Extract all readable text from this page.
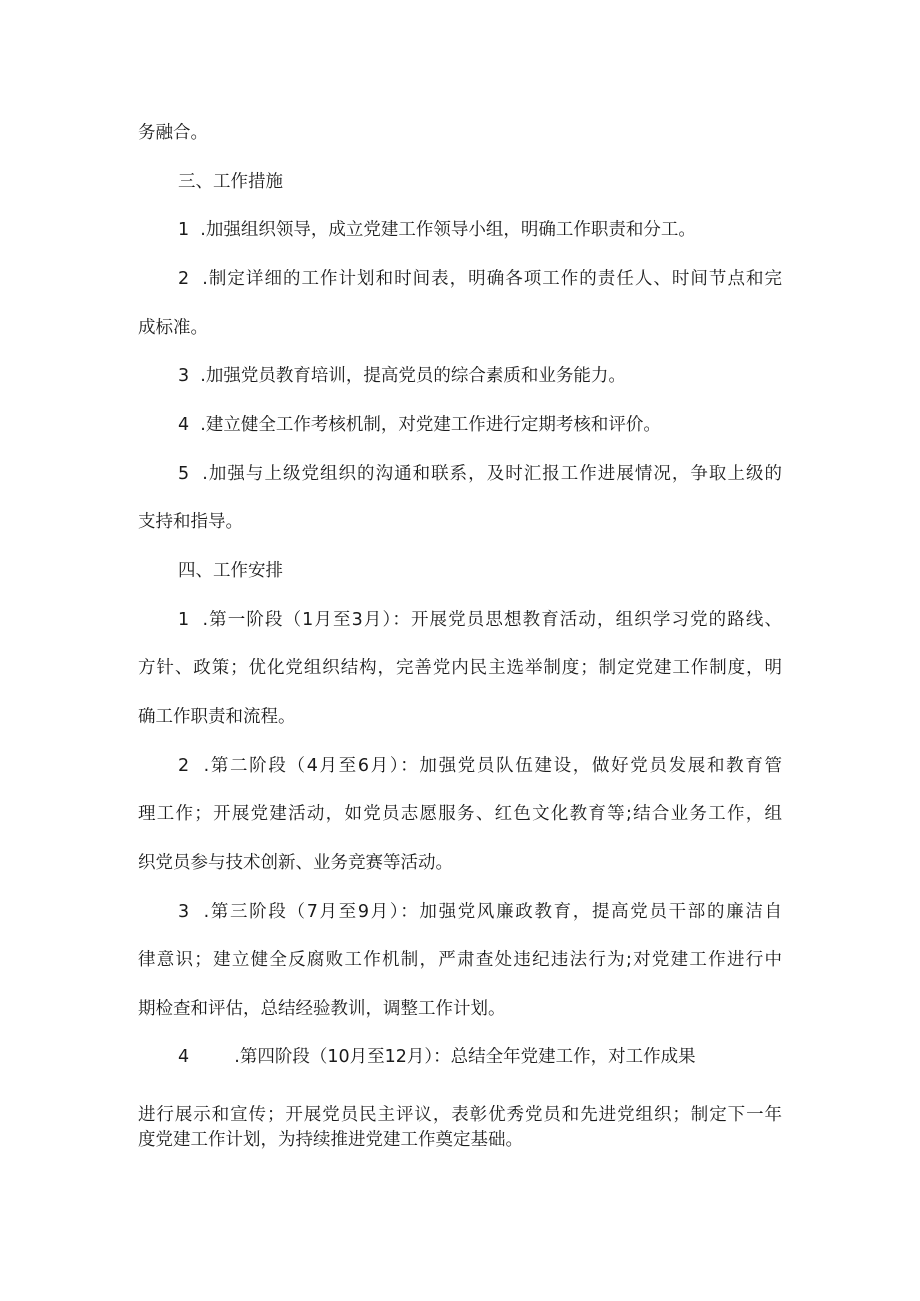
务融合。
三、工作措施
1  .加强组织领导，成立党建工作领导小组，明确工作职责和分工。
2  .制定详细的工作计划和时间表，明确各项工作的责任人、时间节点和完
成标准。
3  .加强党员教育培训，提高党员的综合素质和业务能力。
4  .建立健全工作考核机制，对党建工作进行定期考核和评价。
5  .加强与上级党组织的沟通和联系，及时汇报工作进展情况，争取上级的
支持和指导。
四、工作安排
1  .第一阶段（1月至3月）：开展党员思想教育活动，组织学习党的路线、
方针、政策；优化党组织结构，完善党内民主选举制度；制定党建工作制度，明
确工作职责和流程。
2  .第二阶段（4月至6月）：加强党员队伍建设，做好党员发展和教育管
理工作；开展党建活动，如党员志愿服务、红色文化教育等;结合业务工作，组
织党员参与技术创新、业务竞赛等活动。
3  .第三阶段（7月至9月）：加强党风廉政教育，提高党员干部的廉洁自
律意识；建立健全反腐败工作机制，严肃查处违纪违法行为;对党建工作进行中
期检查和评估，总结经验教训，调整工作计划。
4	.第四阶段（10月至12月）：总结全年党建工作，对工作成果
进行展示和宣传；开展党员民主评议，表彰优秀党员和先进党组织；制定下一年
度党建工作计划，为持续推进党建工作奠定基础。
